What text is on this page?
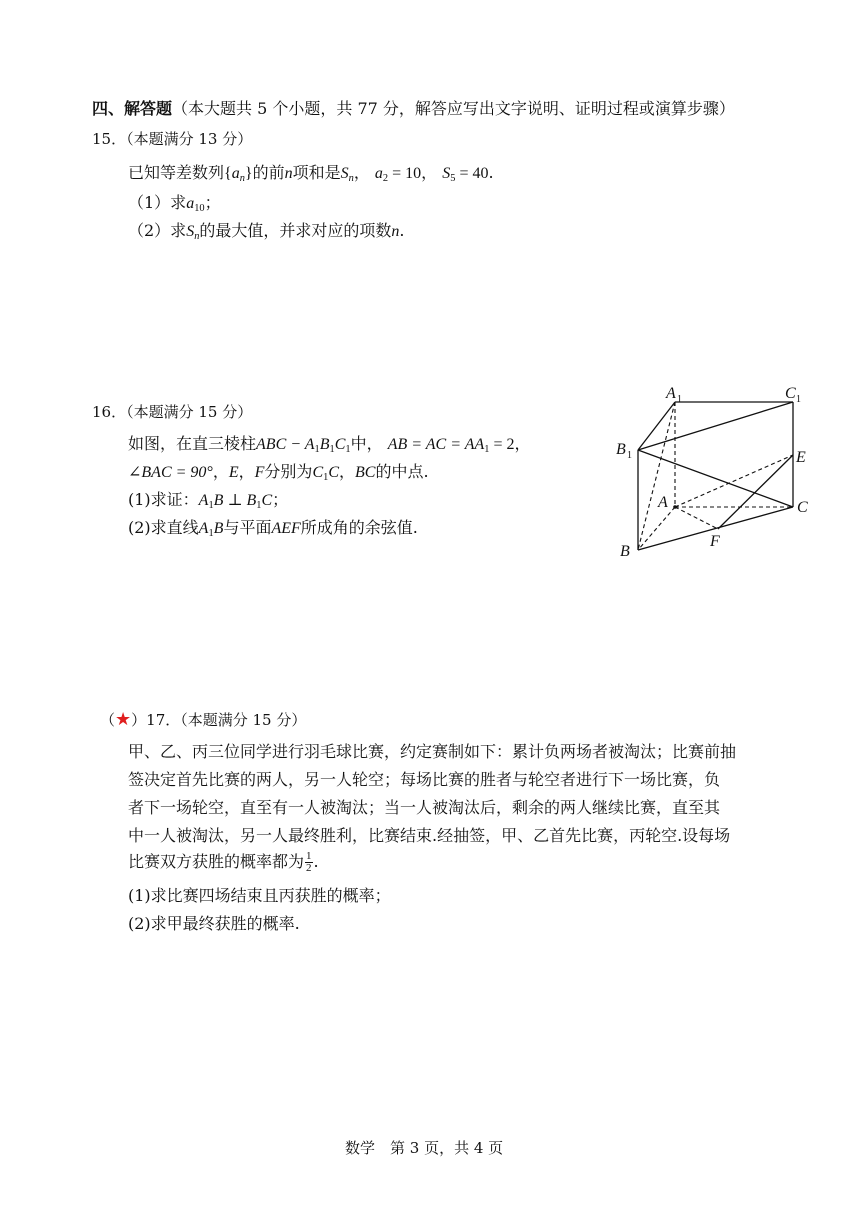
四、解答题（本大题共 5 个小题，共 77 分，解答应写出文字说明、证明过程或演算步骤）
15．（本题满分 13 分）
已知等差数列$\{a_n\}$的前n项和是$S_n$， $a_2 = 10$， $S_5 = 40$.
（1）求$a_{10}$；
（2）求$S_n$的最大值，并求对应的项数n.
16．（本题满分 15 分）
如图，在直三棱柱ABC − $A_1B_1C_1$中， AB = AC = $AA_1 = 2$，
∠BAC = 90°，E，F分别为$C_1C$，BC的中点.
(1)求证：$A_1B$ ⊥ $B_1C$；
(2)求直线$A_1B$与平面AEF所成角的余弦值.
A 1	C 1
B 1	E
A	C
F
B
（★）17．（本题满分 15 分）
甲、乙、丙三位同学进行羽毛球比赛，约定赛制如下：累计负两场者被淘汰；比赛前抽
签决定首先比赛的两人，另一人轮空；每场比赛的胜者与轮空者进行下一场比赛，负
者下一场轮空，直至有一人被淘汰；当一人被淘汰后，剩余的两人继续比赛，直至其
中一人被淘汰，另一人最终胜利，比赛结束.经抽签，甲、乙首先比赛，丙轮空.设每场
比赛双方获胜的概率都为 $\frac{1}{2}$ .
(1)求比赛四场结束且丙获胜的概率；
(2)求甲最终获胜的概率.
数学　第 3 页，共 4 页
